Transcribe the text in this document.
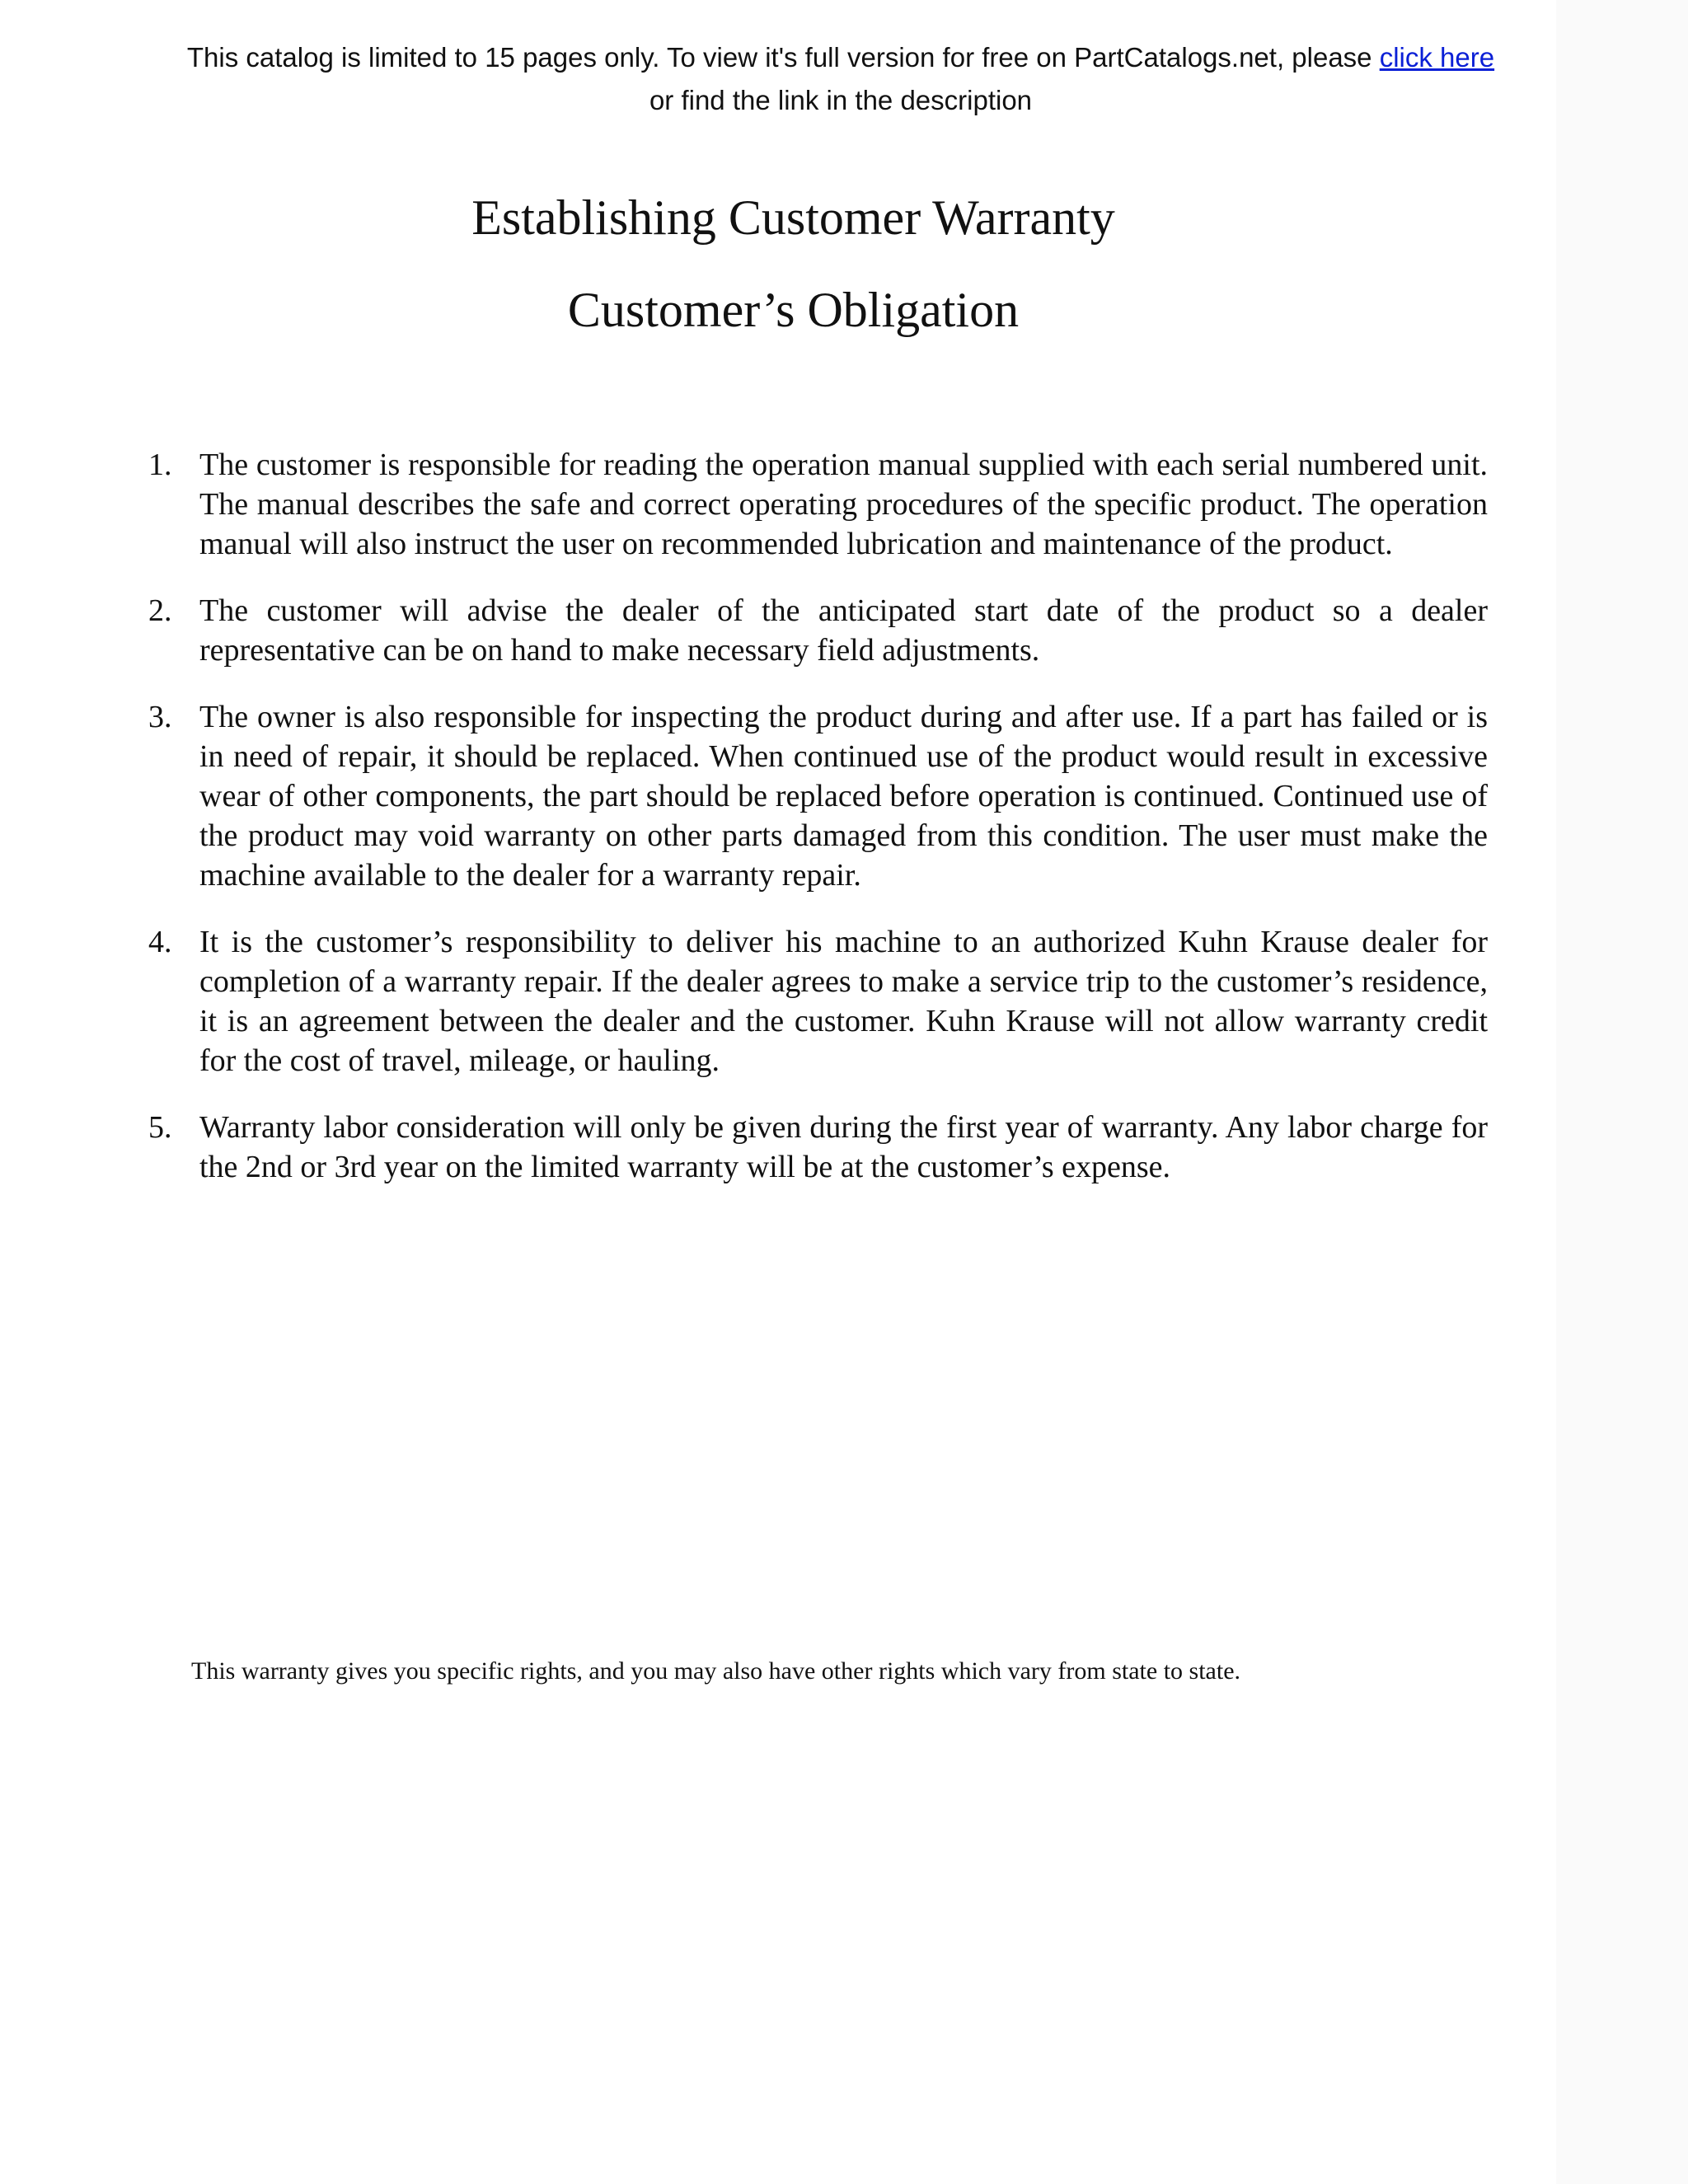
This catalog is limited to 15 pages only. To view it's full version for free on PartCatalogs.net, please click here
or find the link in the description
Establishing Customer Warranty
Customer’s Obligation
1. The customer is responsible for reading the operation manual supplied with each serial numbered unit. The manual describes the safe and correct operating procedures of the specific product. The operation manual will also instruct the user on recommended lubrication and maintenance of the product.
2. The customer will advise the dealer of the anticipated start date of the product so a dealer representative can be on hand to make necessary field adjustments.
3. The owner is also responsible for inspecting the product during and after use. If a part has failed or is in need of repair, it should be replaced. When continued use of the product would result in excessive wear of other components, the part should be replaced before operation is continued. Continued use of the product may void warranty on other parts damaged from this condition. The user must make the machine available to the dealer for a warranty repair.
4. It is the customer’s responsibility to deliver his machine to an authorized Kuhn Krause dealer for completion of a warranty repair. If the dealer agrees to make a service trip to the customer’s residence, it is an agreement between the dealer and the customer. Kuhn Krause will not allow warranty credit for the cost of travel, mileage, or hauling.
5. Warranty labor consideration will only be given during the first year of warranty. Any labor charge for the 2nd or 3rd year on the limited warranty will be at the customer’s expense.
This warranty gives you specific rights, and you may also have other rights which vary from state to state.
